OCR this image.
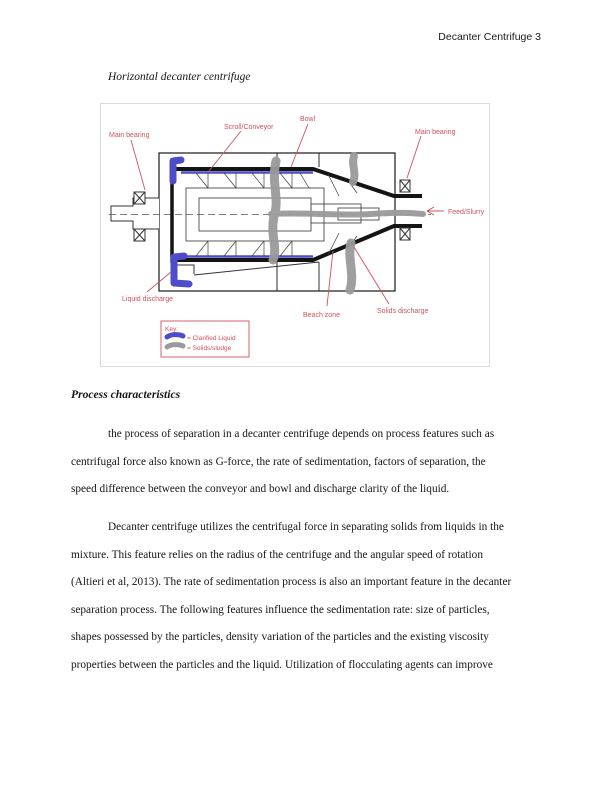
Decanter Centrifuge 3
Horizontal decanter centrifuge
Main bearing
Scroll/Conveyor
Bowl
Main bearing
Feed/Slurry
Liquid discharge
Beach zone
Solids discharge
Key:
= Clarified Liquid
= Solids/sludge
Process characteristics
the process of separation in a decanter centrifuge depends on process features such as
centrifugal force also known as G-force, the rate of sedimentation, factors of separation, the
speed difference between the conveyor and bowl and discharge clarity of the liquid.
Decanter centrifuge utilizes the centrifugal force in separating solids from liquids in the
mixture. This feature relies on the radius of the centrifuge and the angular speed of rotation
(Altieri et al, 2013). The rate of sedimentation process is also an important feature in the decanter
separation process. The following features influence the sedimentation rate: size of particles,
shapes possessed by the particles, density variation of the particles and the existing viscosity
properties between the particles and the liquid. Utilization of flocculating agents can improve
